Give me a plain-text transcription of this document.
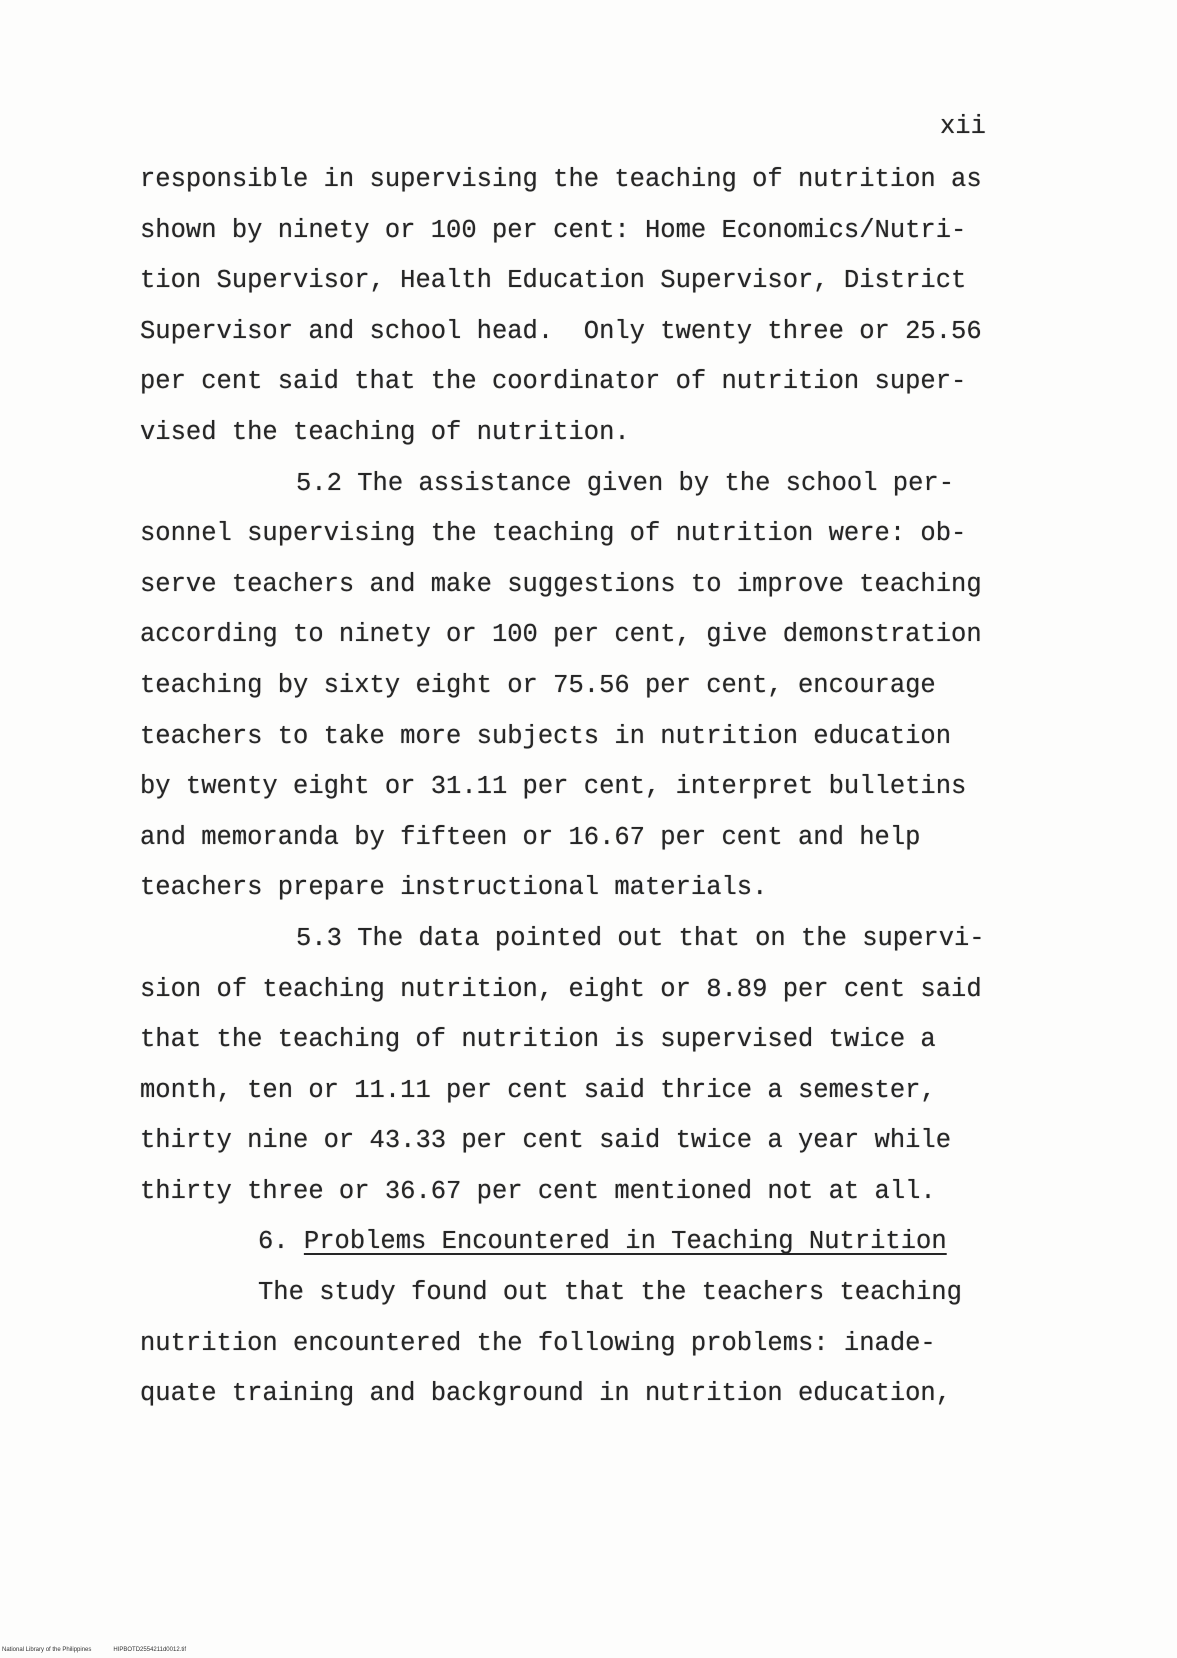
xii
responsible in supervising the teaching of nutrition as
shown by ninety or 100 per cent: Home Economics/Nutri-
tion Supervisor, Health Education Supervisor, District
Supervisor and school head.  Only twenty three or 25.56
per cent said that the coordinator of nutrition super-
vised the teaching of nutrition.
5.2 The assistance given by the school per-
sonnel supervising the teaching of nutrition were: ob-
serve teachers and make suggestions to improve teaching
according to ninety or 100 per cent, give demonstration
teaching by sixty eight or 75.56 per cent, encourage
teachers to take more subjects in nutrition education
by twenty eight or 31.11 per cent, interpret bulletins
and memoranda by fifteen or 16.67 per cent and help
teachers prepare instructional materials.
5.3 The data pointed out that on the supervi-
sion of teaching nutrition, eight or 8.89 per cent said
that the teaching of nutrition is supervised twice a
month, ten or 11.11 per cent said thrice a semester,
thirty nine or 43.33 per cent said twice a year while
thirty three or 36.67 per cent mentioned not at all.
6. Problems Encountered in Teaching Nutrition
The study found out that the teachers teaching
nutrition encountered the following problems: inade-
quate training and background in nutrition education,
National Library of the Philippines	HIPBOTD2554211d0012.tif
